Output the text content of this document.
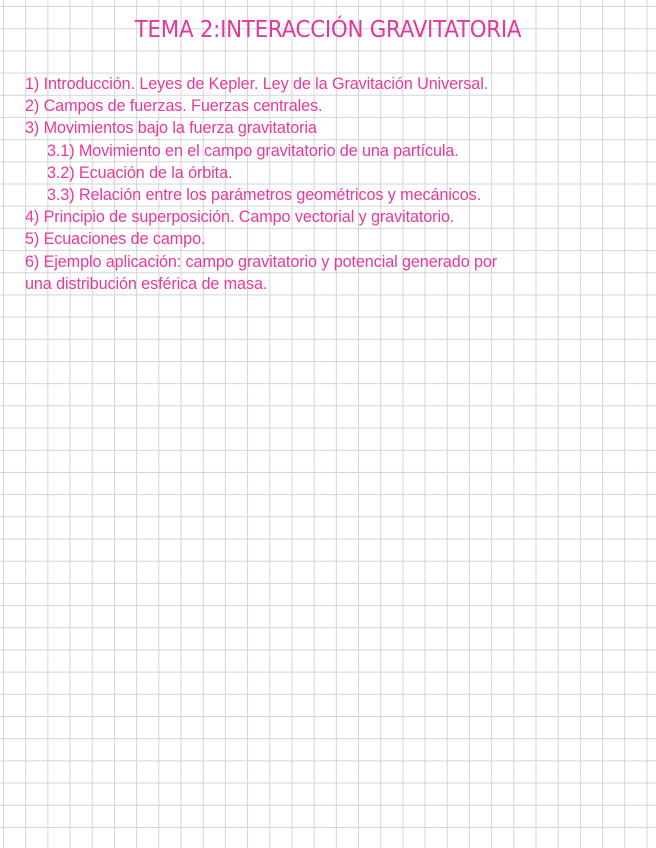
TEMA 2:INTERACCIÓN GRAVITATORIA
1) Introducción. Leyes de Kepler. Ley de la Gravitación Universal.
2) Campos de fuerzas. Fuerzas centrales.
3) Movimientos bajo la fuerza gravitatoria
3.1) Movimiento en el campo gravitatorio de una partícula.
3.2) Ecuación de la órbita.
3.3) Relación entre los parámetros geométricos y mecánicos.
4) Principio de superposición. Campo vectorial y gravitatorio.
5) Ecuaciones de campo.
6) Ejemplo aplicación: campo gravitatorio y potencial generado por
una distribución esférica de masa.
